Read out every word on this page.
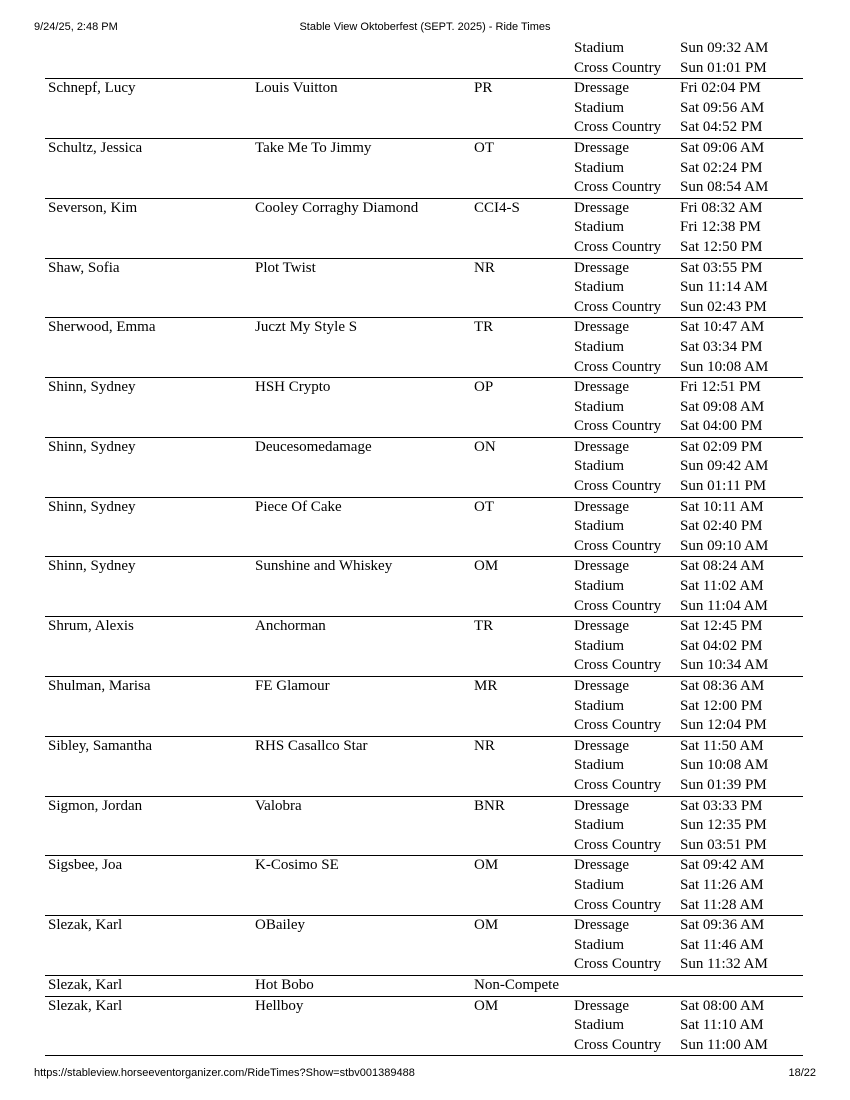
9/24/25, 2:48 PM	Stable View Oktoberfest (SEPT. 2025) - Ride Times
Stadium	Sun 09:32 AM
Cross Country	Sun 01:01 PM
Schnepf, Lucy	Louis Vuitton	PR	Dressage	Fri 02:04 PM
Stadium	Sat 09:56 AM
Cross Country	Sat 04:52 PM
Schultz, Jessica	Take Me To Jimmy	OT	Dressage	Sat 09:06 AM
Stadium	Sat 02:24 PM
Cross Country	Sun 08:54 AM
Severson, Kim	Cooley Corraghy Diamond	CCI4-S	Dressage	Fri 08:32 AM
Stadium	Fri 12:38 PM
Cross Country	Sat 12:50 PM
Shaw, Sofia	Plot Twist	NR	Dressage	Sat 03:55 PM
Stadium	Sun 11:14 AM
Cross Country	Sun 02:43 PM
Sherwood, Emma	Juczt My Style S	TR	Dressage	Sat 10:47 AM
Stadium	Sat 03:34 PM
Cross Country	Sun 10:08 AM
Shinn, Sydney	HSH Crypto	OP	Dressage	Fri 12:51 PM
Stadium	Sat 09:08 AM
Cross Country	Sat 04:00 PM
Shinn, Sydney	Deucesomedamage	ON	Dressage	Sat 02:09 PM
Stadium	Sun 09:42 AM
Cross Country	Sun 01:11 PM
Shinn, Sydney	Piece Of Cake	OT	Dressage	Sat 10:11 AM
Stadium	Sat 02:40 PM
Cross Country	Sun 09:10 AM
Shinn, Sydney	Sunshine and Whiskey	OM	Dressage	Sat 08:24 AM
Stadium	Sat 11:02 AM
Cross Country	Sun 11:04 AM
Shrum, Alexis	Anchorman	TR	Dressage	Sat 12:45 PM
Stadium	Sat 04:02 PM
Cross Country	Sun 10:34 AM
Shulman, Marisa	FE Glamour	MR	Dressage	Sat 08:36 AM
Stadium	Sat 12:00 PM
Cross Country	Sun 12:04 PM
Sibley, Samantha	RHS Casallco Star	NR	Dressage	Sat 11:50 AM
Stadium	Sun 10:08 AM
Cross Country	Sun 01:39 PM
Sigmon, Jordan	Valobra	BNR	Dressage	Sat 03:33 PM
Stadium	Sun 12:35 PM
Cross Country	Sun 03:51 PM
Sigsbee, Joa	K-Cosimo SE	OM	Dressage	Sat 09:42 AM
Stadium	Sat 11:26 AM
Cross Country	Sat 11:28 AM
Slezak, Karl	OBailey	OM	Dressage	Sat 09:36 AM
Stadium	Sat 11:46 AM
Cross Country	Sun 11:32 AM
Slezak, Karl	Hot Bobo	Non-Compete
Slezak, Karl	Hellboy	OM	Dressage	Sat 08:00 AM
Stadium	Sat 11:10 AM
Cross Country	Sun 11:00 AM
https://stableview.horseeventorganizer.com/RideTimes?Show=stbv001389488	18/22
